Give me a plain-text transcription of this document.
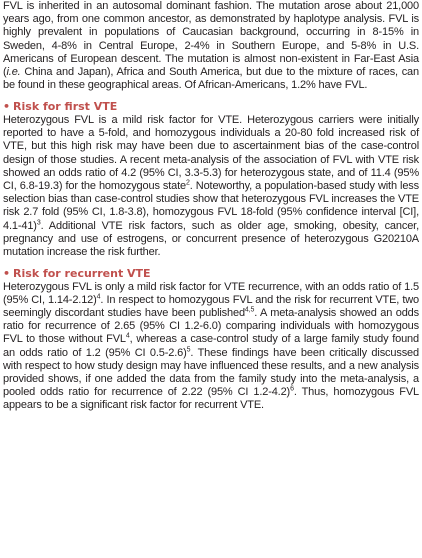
FVL is inherited in an autosomal dominant fashion. The mutation arose about 21,000 years ago, from one common ancestor, as demonstrated by haplotype analysis. FVL is highly prevalent in populations of Caucasian background, occurring in 8-15% in Sweden, 4-8% in Central Europe, 2-4% in Southern Europe, and 5-8% in U.S. Americans of European descent. The mutation is almost non-existent in Far-East Asia (i.e. China and Japan), Africa and South America, but due to the mixture of races, can be found in these geographical areas. Of African-Americans, 1.2% have FVL.

• Risk for first VTE

Heterozygous FVL is a mild risk factor for VTE. Heterozygous carriers were initially reported to have a 5-fold, and homozygous individuals a 20-80 fold increased risk of VTE, but this high risk may have been due to ascertainment bias of the case-control design of those studies. A recent meta-analysis of the association of FVL with VTE risk showed an odds ratio of 4.2 (95% CI, 3.3-5.3) for heterozygous state, and of 11.4 (95% CI, 6.8-19.3) for the homozygous state$^2$. Noteworthy, a population-based study with less selection bias than case-control studies show that heterozygous FVL increases the VTE risk 2.7 fold (95% CI, 1.8-3.8), homozygous FVL 18-fold (95% confidence interval [CI], 4.1-41)$^3$. Additional VTE risk factors, such as older age, smoking, obesity, cancer, pregnancy and use of estrogens, or concurrent presence of heterozygous G20210A mutation increase the risk further.

• Risk for recurrent VTE

Heterozygous FVL is only a mild risk factor for VTE recurrence, with an odds ratio of 1.5 (95% CI, 1.14-2.12)$^4$. In respect to homozygous FVL and the risk for recurrent VTE, two seemingly discordant studies have been published$^{4,5}$. A meta-analysis showed an odds ratio for recurrence of 2.65 (95% CI 1.2-6.0) comparing individuals with homozygous FVL to those without FVL$^4$, whereas a case-control study of a large family study found an odds ratio of 1.2 (95% CI 0.5-2.6)$^5$. These findings have been critically discussed with respect to how study design may have influenced these results, and a new analysis provided shows, if one added the data from the family study into the meta-analysis, a pooled odds ratio for recurrence of 2.22 (95% CI 1.2-4.2)$^6$. Thus, homozygous FVL appears to be a significant risk factor for recurrent VTE.
